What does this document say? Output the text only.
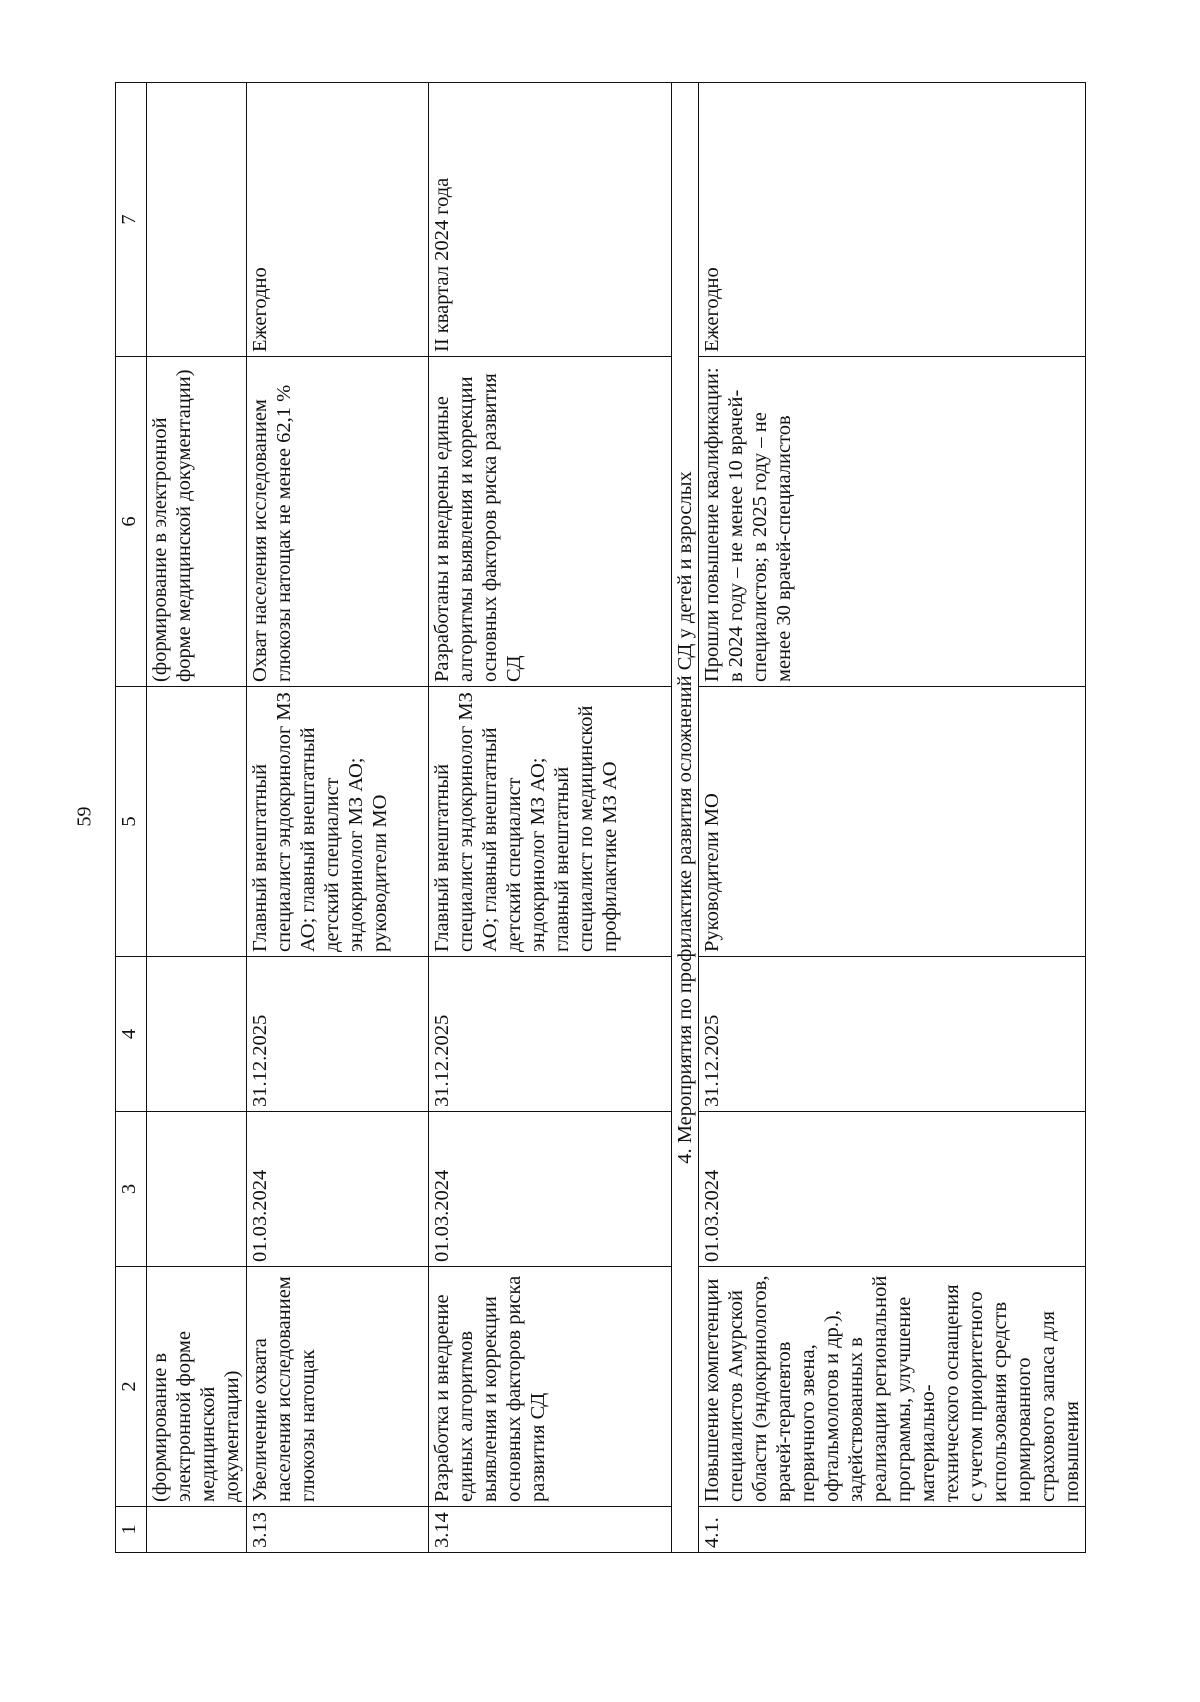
59
1	2	3	4	5	6	7
	(формирование в электронной форме медицинской документации)				(формирование в электронной форме медицинской документации)	
3.13	Увеличение охвата населения исследованием глюкозы натощак	01.03.2024	31.12.2025	Главный внештатный специалист эндокринолог МЗ АО; главный внештатный детский специалист эндокринолог МЗ АО; руководители МО	Охват населения исследованием глюкозы натощак не менее 62,1 %	Ежегодно
3.14	Разработка и внедрение единых алгоритмов выявления и коррекции основных факторов риска развития СД	01.03.2024	31.12.2025	Главный внештатный специалист эндокринолог МЗ АО; главный внештатный детский специалист эндокринолог МЗ АО; главный внештатный специалист по медицинской профилактике МЗ АО	Разработаны и внедрены единые алгоритмы выявления и коррекции основных факторов риска развития СД	II квартал 2024 года
4. Мероприятия по профилактике развития осложнений СД у детей и взрослых						
4.1.	Повышение компетенции специалистов Амурской области (эндокринологов, врачей-терапевтов первичного звена, офтальмологов и др.), задействованных в реализации региональной программы, улучшение материально-технического оснащения с учетом приоритетного использования средств нормированного страхового запаса для повышения	01.03.2024	31.12.2025	Руководители МО	Прошли повышение квалификации: в 2024 году – не менее 10 врачей-специалистов; в 2025 году – не менее 30 врачей-специалистов	Ежегодно
